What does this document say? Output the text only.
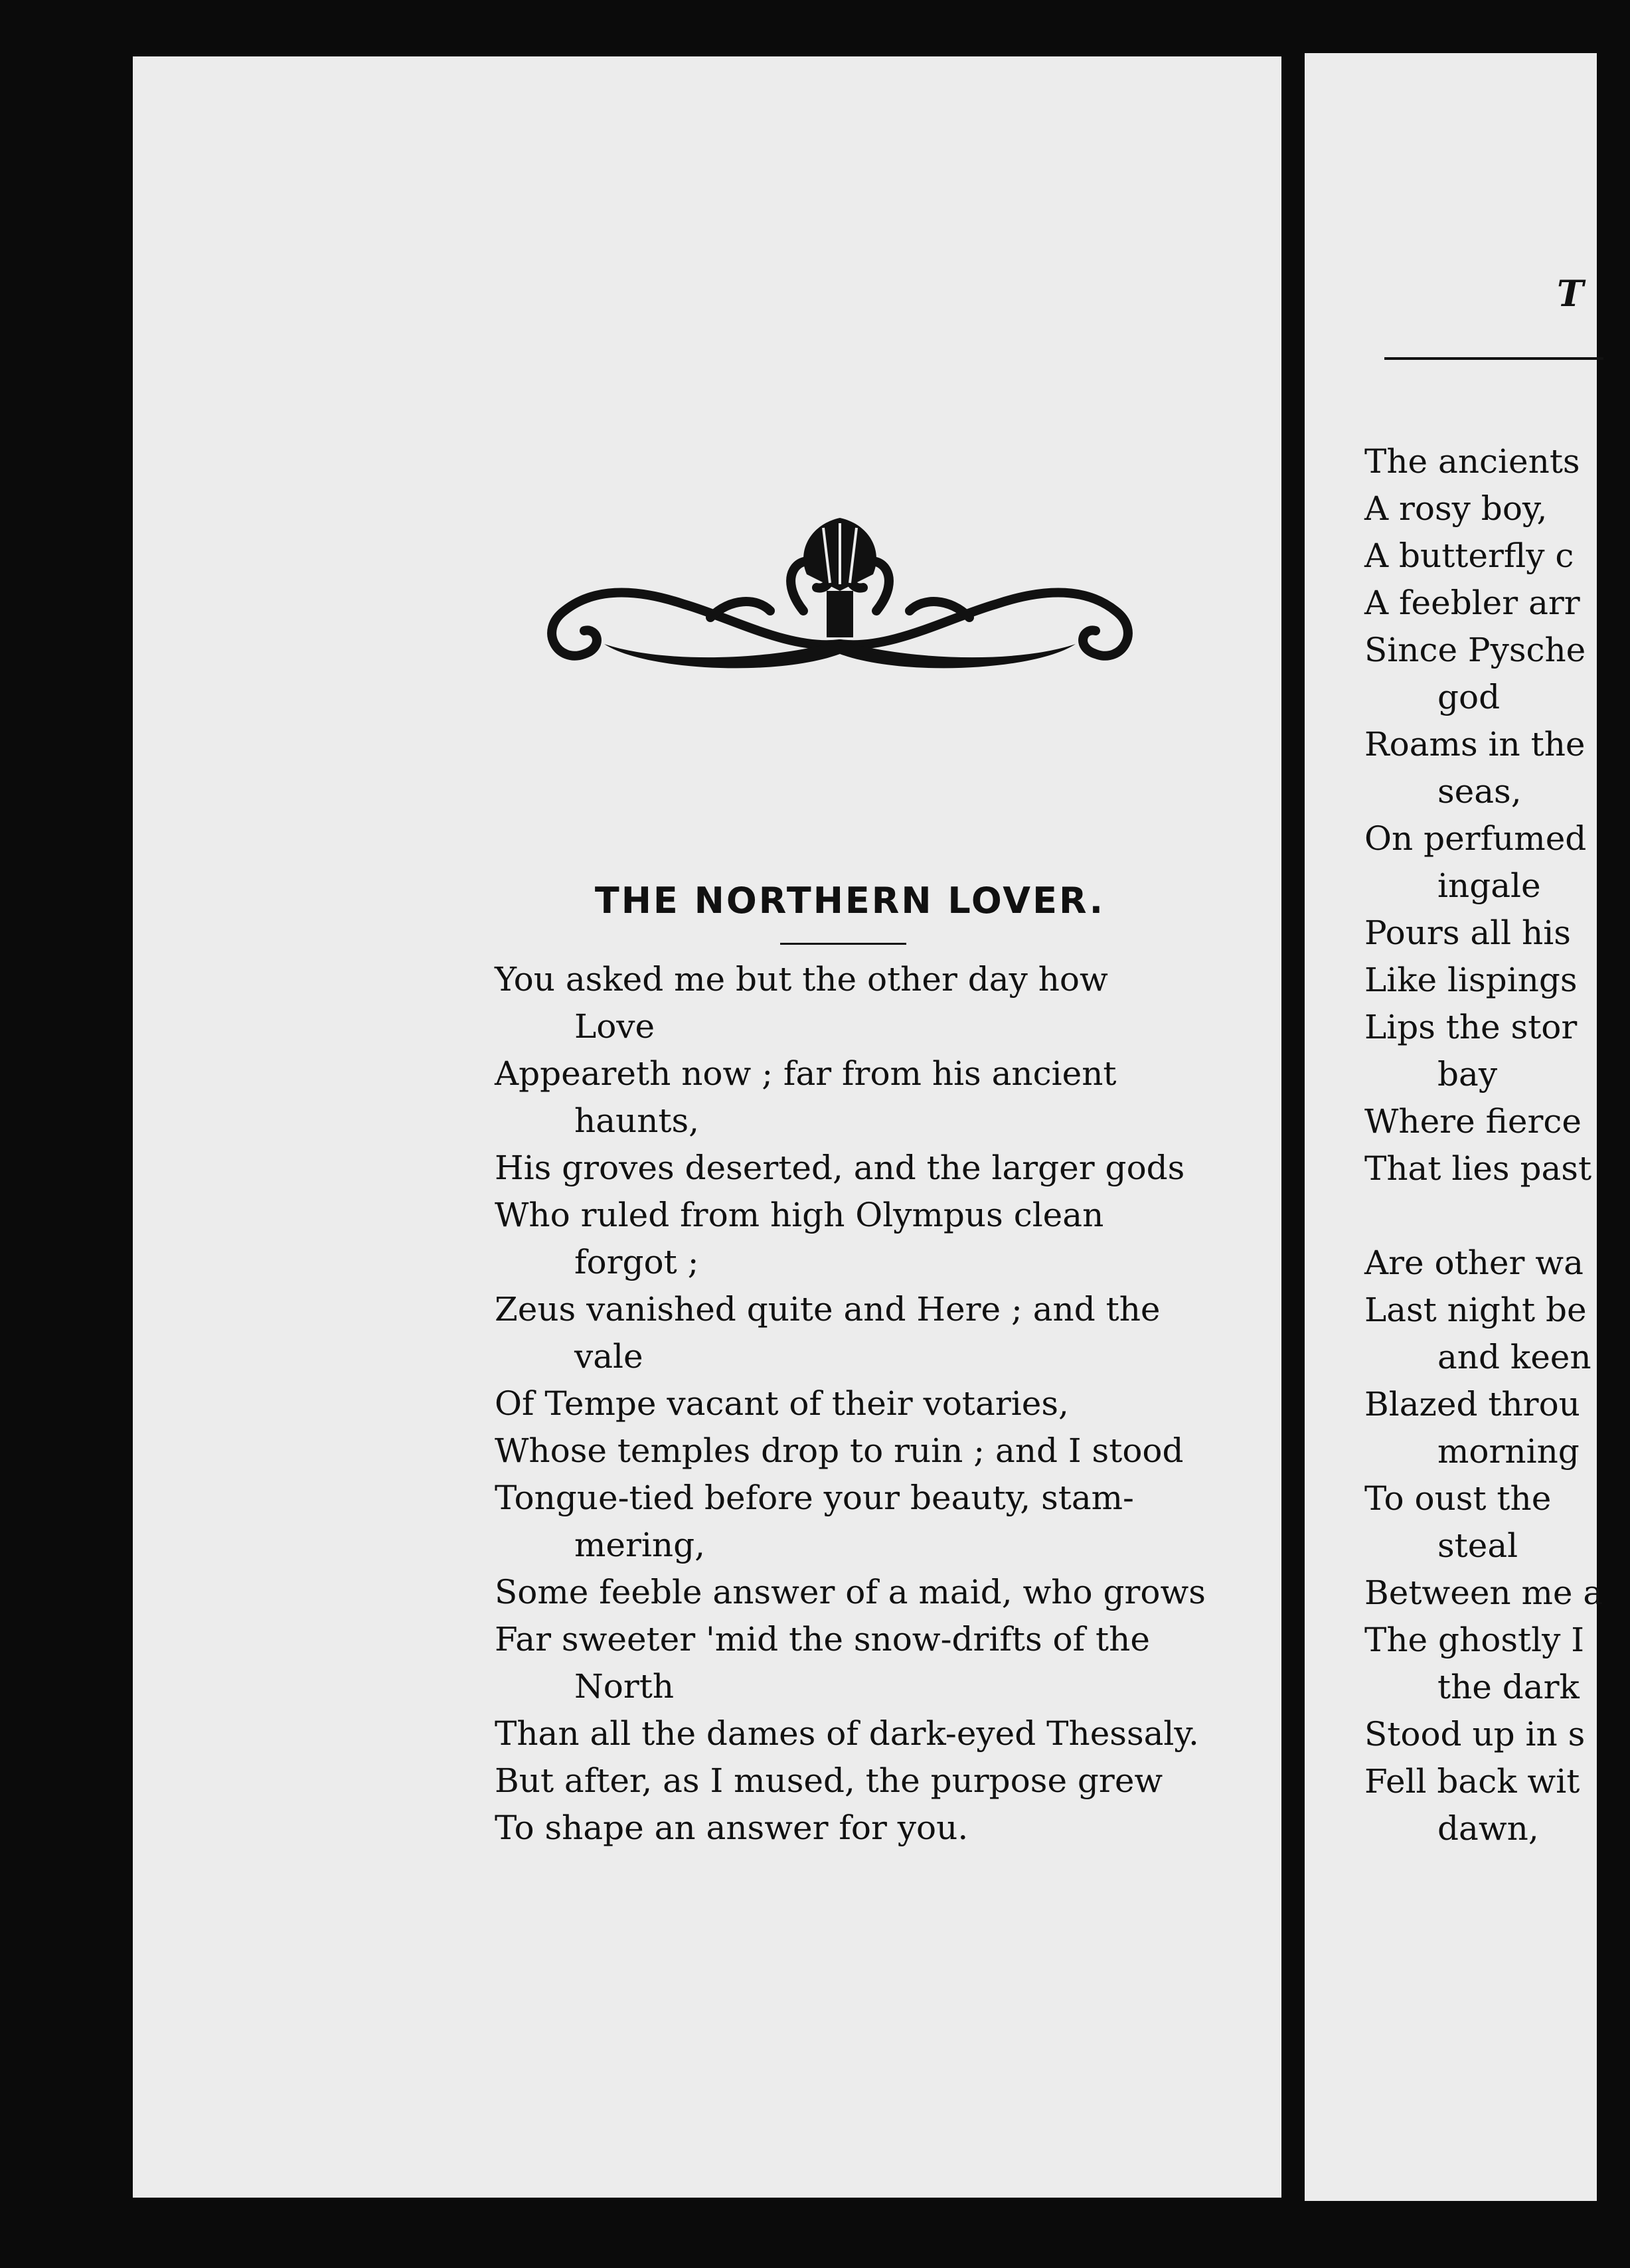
THE NORTHERN LOVER.
You asked me but the other day how
Love
Appeareth now ; far from his ancient
haunts,
His groves deserted, and the larger gods
Who ruled from high Olympus clean
forgot ;
Zeus vanished quite and Here ; and the
vale
Of Tempe vacant of their votaries,
Whose temples drop to ruin ; and I stood
Tongue-tied before your beauty, stam-
mering,
Some feeble answer of a maid, who grows
Far sweeter 'mid the snow-drifts of the
North
Than all the dames of dark-eyed Thessaly.
But after, as I mused, the purpose grew
To shape an answer for you.
T
The ancients
A rosy boy,
A butterfly c
A feebler arr
Since Pysche
god
Roams in the
seas,
On perfumed
ingale
Pours all his
Like lispings
Lips the stor
bay
Where fierce
That lies past

Are other wa
Last night be
and keen
Blazed throu
morning
To oust the
steal
Between me a
The ghostly I
the dark
Stood up in s
Fell back wit
dawn,
